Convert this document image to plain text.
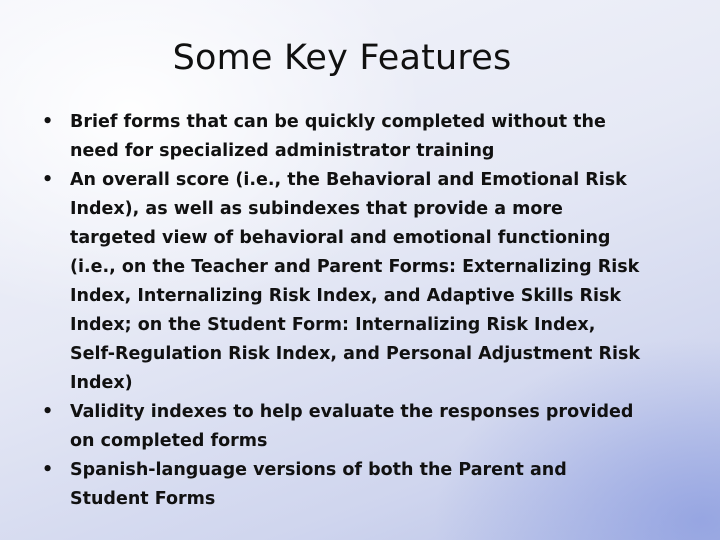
Some Key Features
• Brief forms that can be quickly completed without the need for specialized administrator training
• An overall score (i.e., the Behavioral and Emotional Risk Index), as well as subindexes that provide a more targeted view of behavioral and emotional functioning (i.e., on the Teacher and Parent Forms: Externalizing Risk Index, Internalizing Risk Index, and Adaptive Skills Risk Index; on the Student Form: Internalizing Risk Index, Self-Regulation Risk Index, and Personal Adjustment Risk Index)
• Validity indexes to help evaluate the responses provided on completed forms
• Spanish-language versions of both the Parent and Student Forms
